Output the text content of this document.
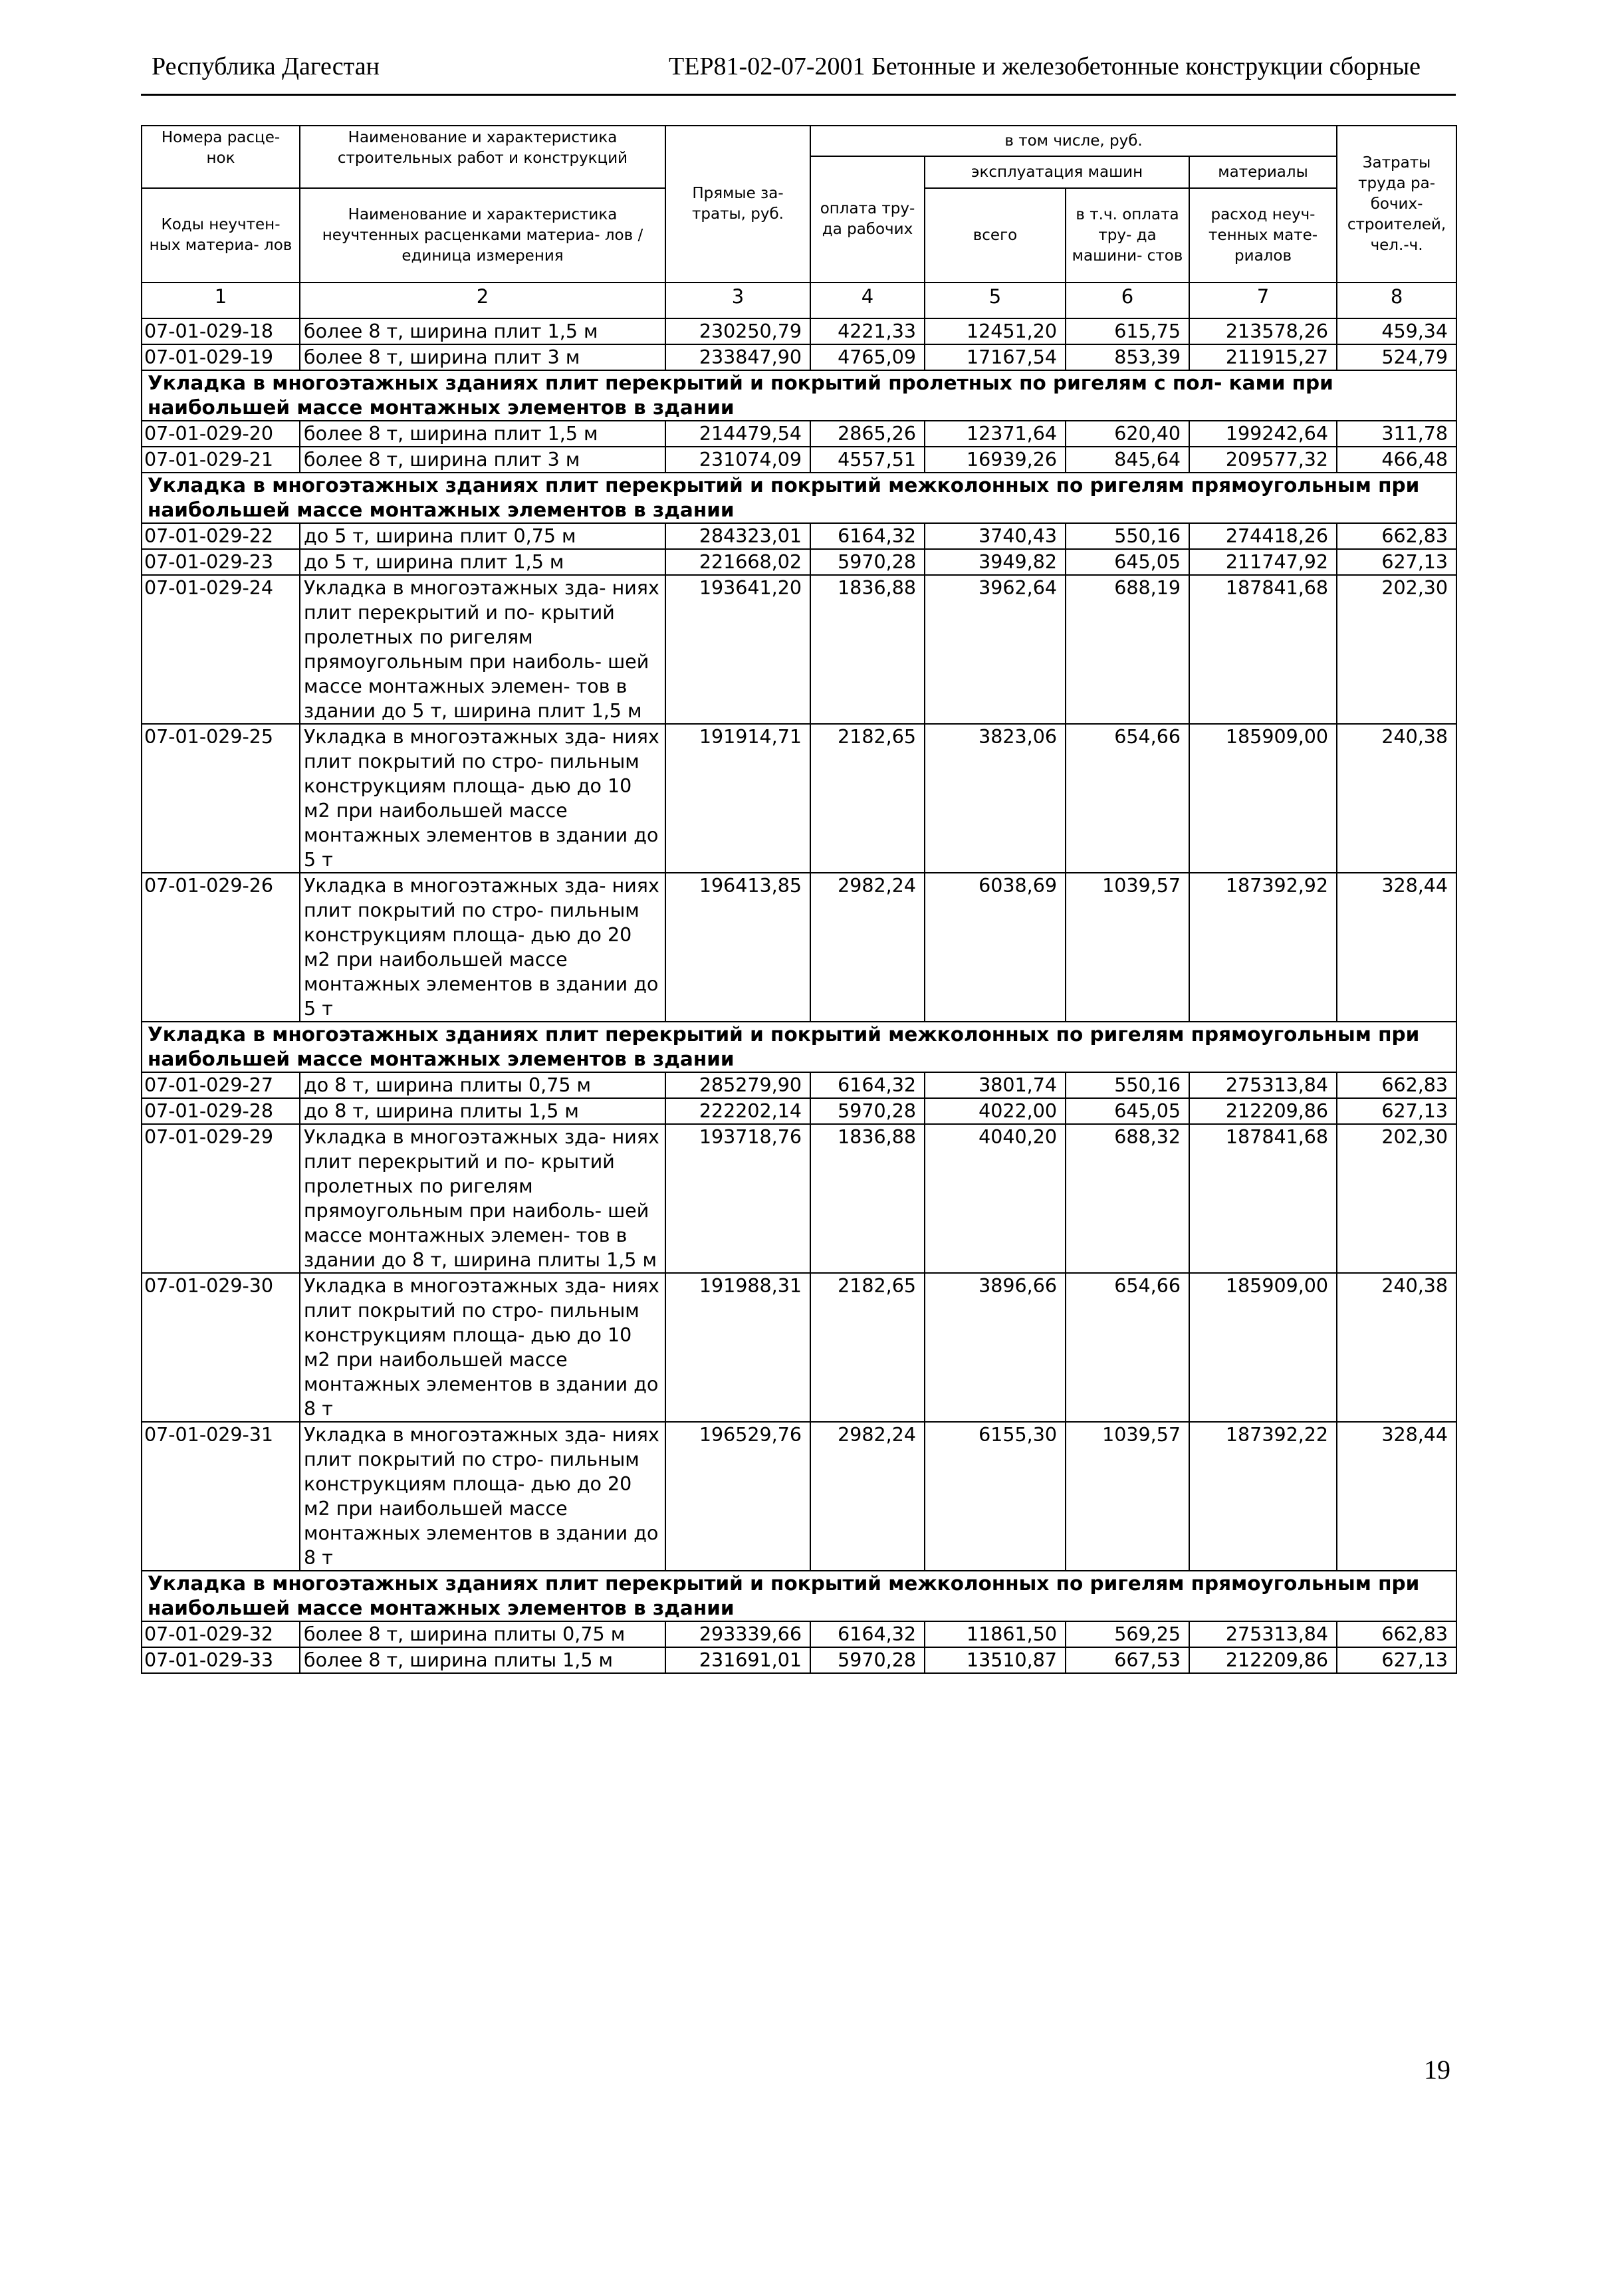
Республика Дагестан	ТЕР81-02-07-2001 Бетонные и железобетонные конструкции сборные
Номера расце- нок	Наименование и характеристика строительных работ и конструкций	Прямые за- траты, руб.	в том числе, руб.				Затраты труда ра- бочих- строителей, чел.-ч.
			оплата тру- да рабочих	эксплуатация машин		материалы	
Коды неучтен- ных материа- лов	Наименование и характеристика неучтенных расценками материа- лов / единица измерения			всего	в т.ч. оплата тру- да машини- стов	расход неуч- тенных мате- риалов	

1	2	3	4	5	6	7	8
07-01-029-18	более 8 т, ширина плит 1,5 м	230250,79	4221,33	12451,20	615,75	213578,26	459,34
07-01-029-19	более 8 т, ширина плит 3 м	233847,90	4765,09	17167,54	853,39	211915,27	524,79
Укладка в многоэтажных зданиях плит перекрытий и покрытий пролетных по ригелям с пол- ками при наибольшей массе монтажных элементов в здании							
07-01-029-20	более 8 т, ширина плит 1,5 м	214479,54	2865,26	12371,64	620,40	199242,64	311,78
07-01-029-21	более 8 т, ширина плит 3 м	231074,09	4557,51	16939,26	845,64	209577,32	466,48
Укладка в многоэтажных зданиях плит перекрытий и покрытий межколонных по ригелям прямоугольным при наибольшей массе монтажных элементов в здании							
07-01-029-22	до 5 т, ширина плит 0,75 м	284323,01	6164,32	3740,43	550,16	274418,26	662,83
07-01-029-23	до 5 т, ширина плит 1,5 м	221668,02	5970,28	3949,82	645,05	211747,92	627,13
07-01-029-24	Укладка в многоэтажных зда- ниях плит перекрытий и по- крытий пролетных по ригелям прямоугольным при наиболь- шей массе монтажных элемен- тов в здании до 5 т, ширина плит 1,5 м	193641,20	1836,88	3962,64	688,19	187841,68	202,30
07-01-029-25	Укладка в многоэтажных зда- ниях плит покрытий по стро- пильным конструкциям площа- дью до 10 м2 при наибольшей массе монтажных элементов в здании до 5 т	191914,71	2182,65	3823,06	654,66	185909,00	240,38
07-01-029-26	Укладка в многоэтажных зда- ниях плит покрытий по стро- пильным конструкциям площа- дью до 20 м2 при наибольшей массе монтажных элементов в здании до 5 т	196413,85	2982,24	6038,69	1039,57	187392,92	328,44
Укладка в многоэтажных зданиях плит перекрытий и покрытий межколонных по ригелям прямоугольным при наибольшей массе монтажных элементов в здании							
07-01-029-27	до 8 т, ширина плиты 0,75 м	285279,90	6164,32	3801,74	550,16	275313,84	662,83
07-01-029-28	до 8 т, ширина плиты 1,5 м	222202,14	5970,28	4022,00	645,05	212209,86	627,13
07-01-029-29	Укладка в многоэтажных зда- ниях плит перекрытий и по- крытий пролетных по ригелям прямоугольным при наиболь- шей массе монтажных элемен- тов в здании до 8 т, ширина плиты 1,5 м	193718,76	1836,88	4040,20	688,32	187841,68	202,30
07-01-029-30	Укладка в многоэтажных зда- ниях плит покрытий по стро- пильным конструкциям площа- дью до 10 м2 при наибольшей массе монтажных элементов в здании до 8 т	191988,31	2182,65	3896,66	654,66	185909,00	240,38
07-01-029-31	Укладка в многоэтажных зда- ниях плит покрытий по стро- пильным конструкциям площа- дью до 20 м2 при наибольшей массе монтажных элементов в здании до 8 т	196529,76	2982,24	6155,30	1039,57	187392,22	328,44
Укладка в многоэтажных зданиях плит перекрытий и покрытий межколонных по ригелям прямоугольным при наибольшей массе монтажных элементов в здании							
07-01-029-32	более 8 т, ширина плиты 0,75 м	293339,66	6164,32	11861,50	569,25	275313,84	662,83
07-01-029-33	более 8 т, ширина плиты 1,5 м	231691,01	5970,28	13510,87	667,53	212209,86	627,13
19
